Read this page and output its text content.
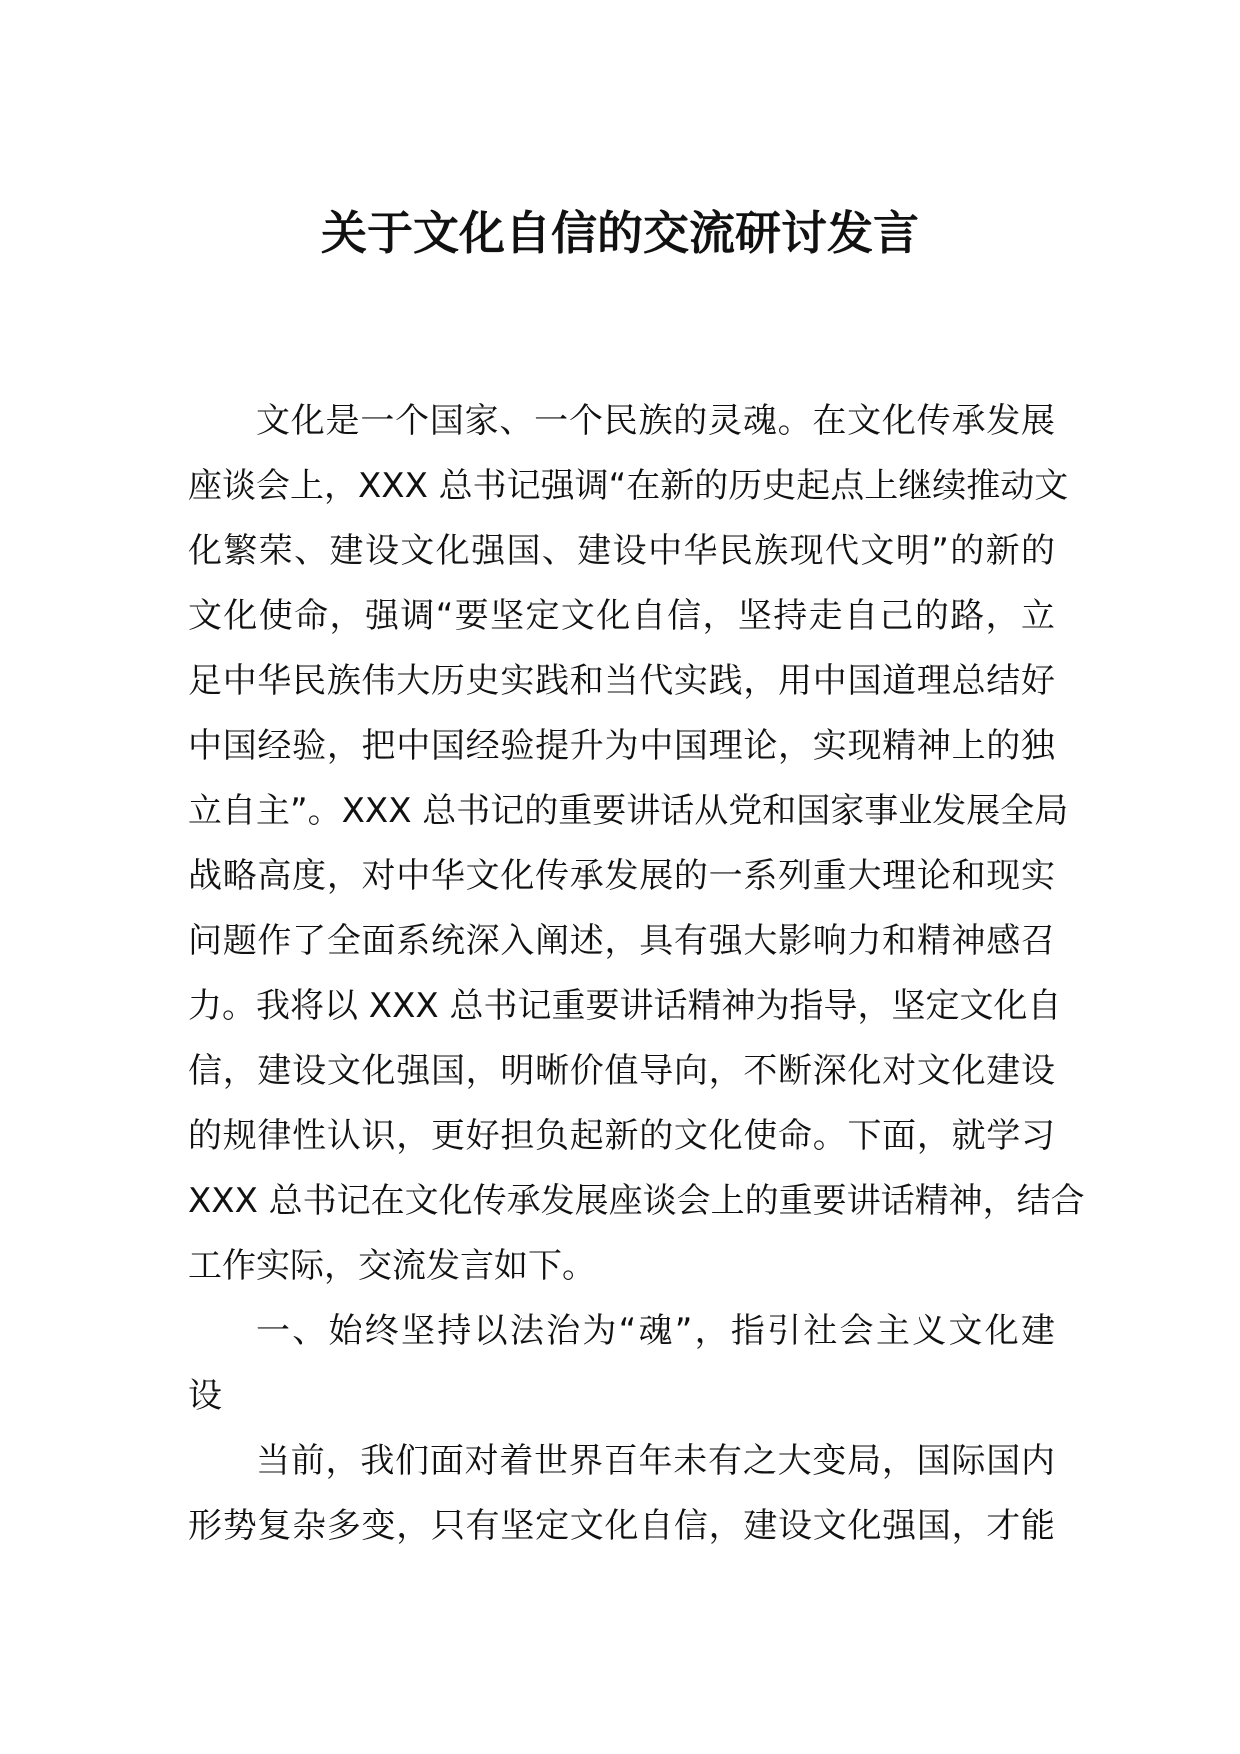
关于文化自信的交流研讨发言
文化是一个国家、一个民族的灵魂。在文化传承发展
座谈会上，XXX 总书记强调“在新的历史起点上继续推动文
化繁荣、建设文化强国、建设中华民族现代文明”的新的
文化使命，强调“要坚定文化自信，坚持走自己的路，立
足中华民族伟大历史实践和当代实践，用中国道理总结好
中国经验，把中国经验提升为中国理论，实现精神上的独
立自主”。XXX 总书记的重要讲话从党和国家事业发展全局
战略高度，对中华文化传承发展的一系列重大理论和现实
问题作了全面系统深入阐述，具有强大影响力和精神感召
力。我将以 XXX 总书记重要讲话精神为指导，坚定文化自
信，建设文化强国，明晰价值导向，不断深化对文化建设
的规律性认识，更好担负起新的文化使命。下面，就学习
XXX 总书记在文化传承发展座谈会上的重要讲话精神，结合
工作实际，交流发言如下。
一、始终坚持以法治为“魂”，指引社会主义文化建
设
当前，我们面对着世界百年未有之大变局，国际国内
形势复杂多变，只有坚定文化自信，建设文化强国，才能
